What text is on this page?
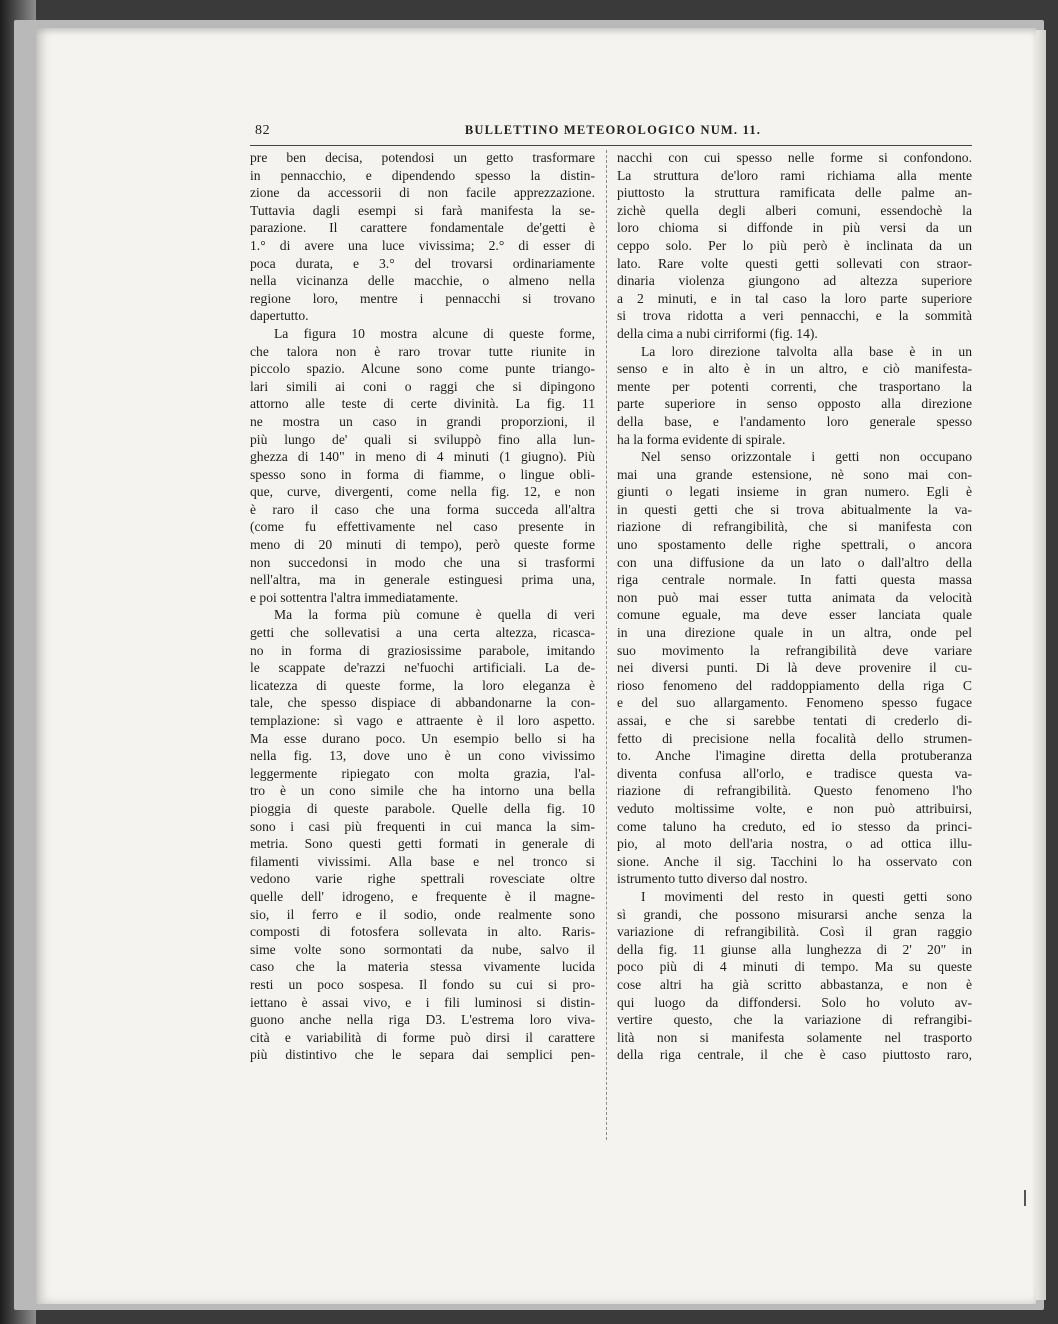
82	BULLETTINO METEOROLOGICO NUM. 11.
pre ben decisa, potendosi un getto trasformare
in pennacchio, e dipendendo spesso la distin-
zione da accessorii di non facile apprezzazione.
Tuttavia dagli esempi si farà manifesta la se-
parazione. Il carattere fondamentale de'getti è
1.° di avere una luce vivissima; 2.° di esser di
poca durata, e 3.° del trovarsi ordinariamente
nella vicinanza delle macchie, o almeno nella
regione loro, mentre i pennacchi si trovano
dapertutto.
La figura 10 mostra alcune di queste forme,
che talora non è raro trovar tutte riunite in
piccolo spazio. Alcune sono come punte triango-
lari simili ai coni o raggi che si dipingono
attorno alle teste di certe divinità. La fig. 11
ne mostra un caso in grandi proporzioni, il
più lungo de' quali si sviluppò fino alla lun-
ghezza di 140" in meno di 4 minuti (1 giugno). Più
spesso sono in forma di fiamme, o lingue obli-
que, curve, divergenti, come nella fig. 12, e non
è raro il caso che una forma succeda all'altra
(come fu effettivamente nel caso presente in
meno di 20 minuti di tempo), però queste forme
non succedonsi in modo che una si trasformi
nell'altra, ma in generale estinguesi prima una,
e poi sottentra l'altra immediatamente.
Ma la forma più comune è quella di veri
getti che sollevatisi a una certa altezza, ricasca-
no in forma di graziosissime parabole, imitando
le scappate de'razzi ne'fuochi artificiali. La de-
licatezza di queste forme, la loro eleganza è
tale, che spesso dispiace di abbandonarne la con-
templazione: sì vago e attraente è il loro aspetto.
Ma esse durano poco. Un esempio bello si ha
nella fig. 13, dove uno è un cono vivissimo
leggermente ripiegato con molta grazia, l'al-
tro è un cono simile che ha intorno una bella
pioggia di queste parabole. Quelle della fig. 10
sono i casi più frequenti in cui manca la sim-
metria. Sono questi getti formati in generale di
filamenti vivissimi. Alla base e nel tronco si
vedono varie righe spettrali rovesciate oltre
quelle dell' idrogeno, e frequente è il magne-
sio, il ferro e il sodio, onde realmente sono
composti di fotosfera sollevata in alto. Raris-
sime volte sono sormontati da nube, salvo il
caso che la materia stessa vivamente lucida
resti un poco sospesa. Il fondo su cui si pro-
iettano è assai vivo, e i fili luminosi si distin-
guono anche nella riga D3. L'estrema loro viva-
cità e variabilità di forme può dirsi il carattere
più distintivo che le separa dai semplici pen-
nacchi con cui spesso nelle forme si confondono.
La struttura de'loro rami richiama alla mente
piuttosto la struttura ramificata delle palme an-
zichè quella degli alberi comuni, essendochè la
loro chioma si diffonde in più versi da un
ceppo solo. Per lo più però è inclinata da un
lato. Rare volte questi getti sollevati con straor-
dinaria violenza giungono ad altezza superiore
a 2 minuti, e in tal caso la loro parte superiore
si trova ridotta a veri pennacchi, e la sommità
della cima a nubi cirriformi (fig. 14).
La loro direzione talvolta alla base è in un
senso e in alto è in un altro, e ciò manifesta-
mente per potenti correnti, che trasportano la
parte superiore in senso opposto alla direzione
della base, e l'andamento loro generale spesso
ha la forma evidente di spirale.
Nel senso orizzontale i getti non occupano
mai una grande estensione, nè sono mai con-
giunti o legati insieme in gran numero. Egli è
in questi getti che si trova abitualmente la va-
riazione di refrangibilità, che si manifesta con
uno spostamento delle righe spettrali, o ancora
con una diffusione da un lato o dall'altro della
riga centrale normale. In fatti questa massa
non può mai esser tutta animata da velocità
comune eguale, ma deve esser lanciata quale
in una direzione quale in un altra, onde pel
suo movimento la refrangibilità deve variare
nei diversi punti. Di là deve provenire il cu-
rioso fenomeno del raddoppiamento della riga C
e del suo allargamento. Fenomeno spesso fugace
assai, e che si sarebbe tentati di crederlo di-
fetto di precisione nella focalità dello strumen-
to. Anche l'imagine diretta della protuberanza
diventa confusa all'orlo, e tradisce questa va-
riazione di refrangibilità. Questo fenomeno l'ho
veduto moltissime volte, e non può attribuirsi,
come taluno ha creduto, ed io stesso da princi-
pio, al moto dell'aria nostra, o ad ottica illu-
sione. Anche il sig. Tacchini lo ha osservato con
istrumento tutto diverso dal nostro.
I movimenti del resto in questi getti sono
sì grandi, che possono misurarsi anche senza la
variazione di refrangibilità. Così il gran raggio
della fig. 11 giunse alla lunghezza di 2' 20" in
poco più di 4 minuti di tempo. Ma su queste
cose altri ha già scritto abbastanza, e non è
qui luogo da diffondersi. Solo ho voluto av-
vertire questo, che la variazione di refrangibi-
lità non si manifesta solamente nel trasporto
della riga centrale, il che è caso piuttosto raro,
